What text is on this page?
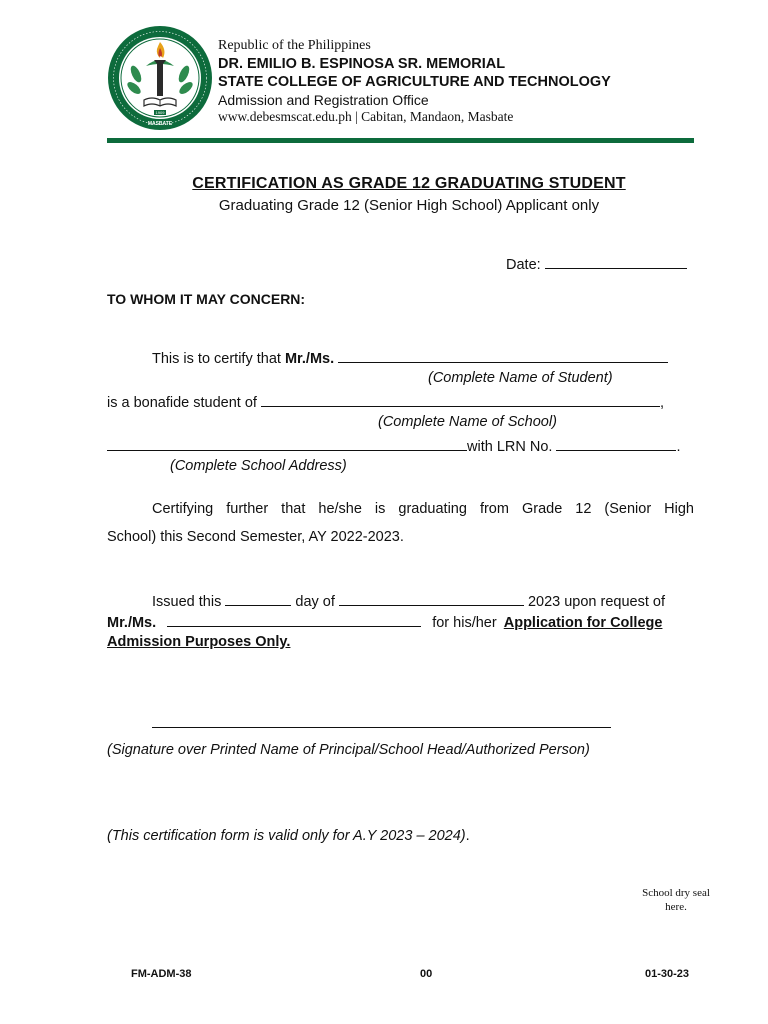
1909
MASBATE
Republic of the Philippines
DR. EMILIO B. ESPINOSA SR. MEMORIAL
STATE COLLEGE OF AGRICULTURE AND TECHNOLOGY
Admission and Registration Office
www.debesmscat.edu.ph | Cabitan, Mandaon, Masbate
CERTIFICATION AS GRADE 12 GRADUATING STUDENT
Graduating Grade 12 (Senior High School) Applicant only
Date:
TO WHOM IT MAY CONCERN:
This is to certify that Mr./Ms.
(Complete Name of Student)
is a bonafide student of	,
(Complete Name of School)
with LRN No.	.
(Complete School Address)
Certifying further that he/she is graduating from Grade 12 (Senior High
School) this Second Semester, AY 2022-2023.
Issued this	day of	2023 upon request of
Mr./Ms.	for his/her Application for College
Admission Purposes Only.
(Signature over Printed Name of Principal/School Head/Authorized Person)
(This certification form is valid only for A.Y 2023 – 2024).
School dry seal
here.
FM-ADM-38	00	01-30-23
